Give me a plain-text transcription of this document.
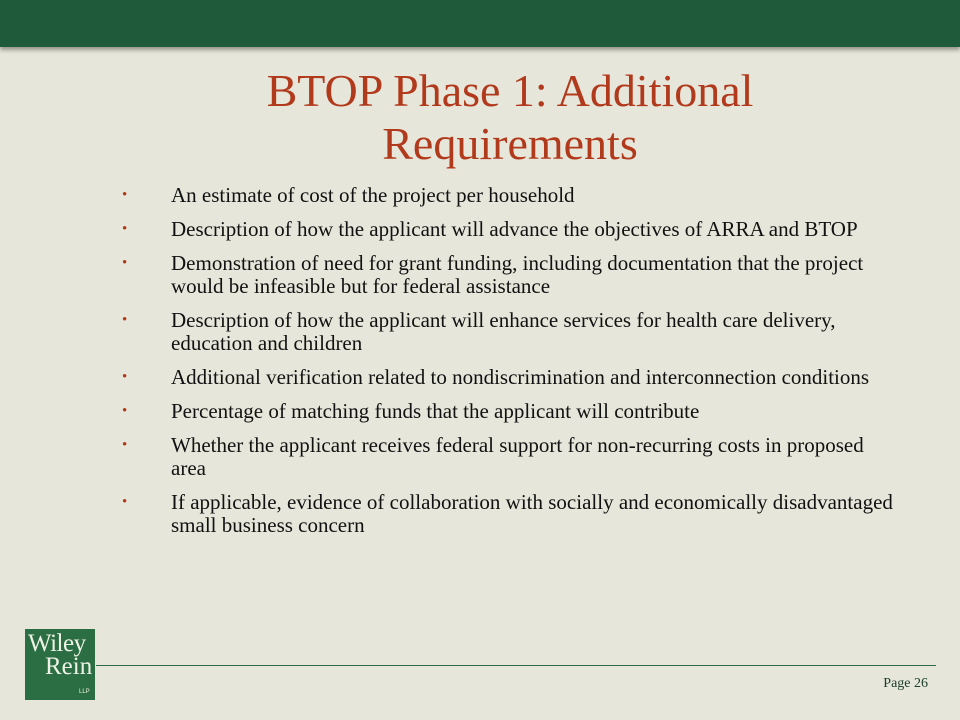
BTOP Phase 1: Additional
Requirements
• An estimate of cost of the project per household
• Description of how the applicant will advance the objectives of ARRA and BTOP
• Demonstration of need for grant funding, including documentation that the project would be infeasible but for federal assistance
• Description of how the applicant will enhance services for health care delivery, education and children
• Additional verification related to nondiscrimination and interconnection conditions
• Percentage of matching funds that the applicant will contribute
• Whether the applicant receives federal support for non-recurring costs in proposed area
• If applicable, evidence of collaboration with socially and economically disadvantaged small business concern
Wiley
Rein
LLP
Page 26
